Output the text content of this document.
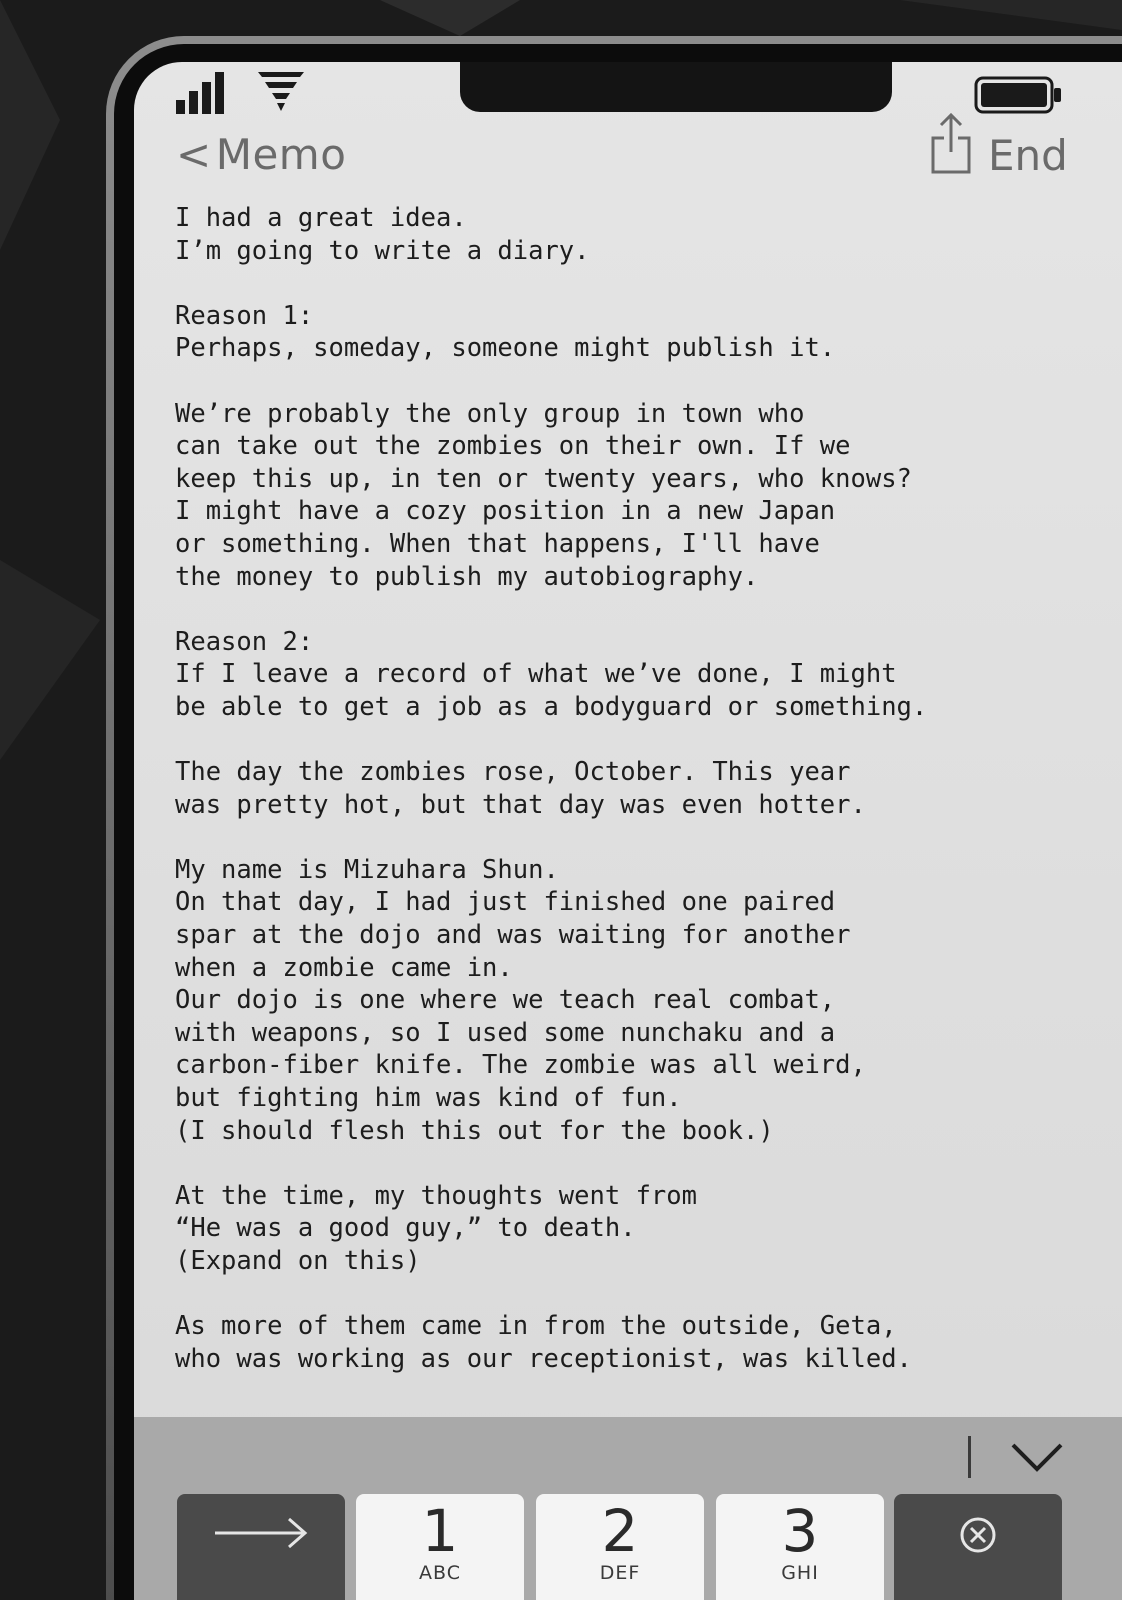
< Memo	End
I had a great idea.
I’m going to write a diary.

Reason 1:
Perhaps, someday, someone might publish it.

We’re probably the only group in town who
can take out the zombies on their own. If we
keep this up, in ten or twenty years, who knows?
I might have a cozy position in a new Japan
or something. When that happens, I'll have
the money to publish my autobiography.

Reason 2:
If I leave a record of what we’ve done, I might
be able to get a job as a bodyguard or something.

The day the zombies rose, October. This year
was pretty hot, but that day was even hotter.

My name is Mizuhara Shun.
On that day, I had just finished one paired
spar at the dojo and was waiting for another
when a zombie came in.
Our dojo is one where we teach real combat,
with weapons, so I used some nunchaku and a
carbon-fiber knife. The zombie was all weird,
but fighting him was kind of fun.
(I should flesh this out for the book.)

At the time, my thoughts went from
“He was a good guy,” to death.
(Expand on this)

As more of them came in from the outside, Geta,
who was working as our receptionist, was killed.
1
ABC
2
DEF
3
GHI
